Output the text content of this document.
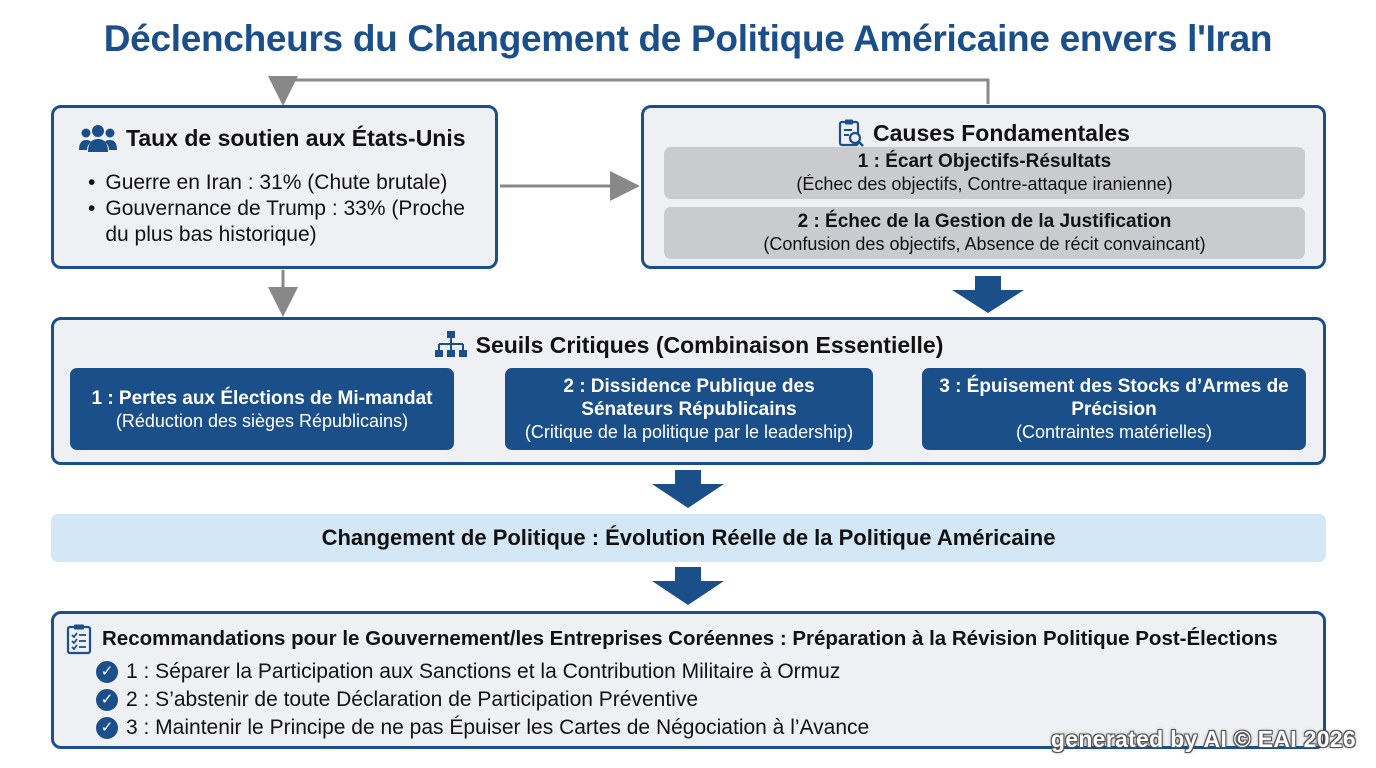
Déclencheurs du Changement de Politique Américaine envers l'Iran
Taux de soutien aux États-Unis
• Guerre en Iran : 31% (Chute brutale)
• Gouvernance de Trump : 33% (Proche du plus bas historique)
Causes Fondamentales
1 : Écart Objectifs-Résultats
(Échec des objectifs, Contre-attaque iranienne)
2 : Échec de la Gestion de la Justification
(Confusion des objectifs, Absence de récit convaincant)
Seuils Critiques (Combinaison Essentielle)
1 : Pertes aux Élections de Mi-mandat
(Réduction des sièges Républicains)
2 : Dissidence Publique des Sénateurs Républicains
(Critique de la politique par le leadership)
3 : Épuisement des Stocks d’Armes de Précision
(Contraintes matérielles)
Changement de Politique : Évolution Réelle de la Politique Américaine
Recommandations pour le Gouvernement/les Entreprises Coréennes : Préparation à la Révision Politique Post-Élections
✓ 1 : Séparer la Participation aux Sanctions et la Contribution Militaire à Ormuz
✓ 2 : S’abstenir de toute Déclaration de Participation Préventive
✓ 3 : Maintenir le Principe de ne pas Épuiser les Cartes de Négociation à l’Avance	generated by AI © EAI 2026
